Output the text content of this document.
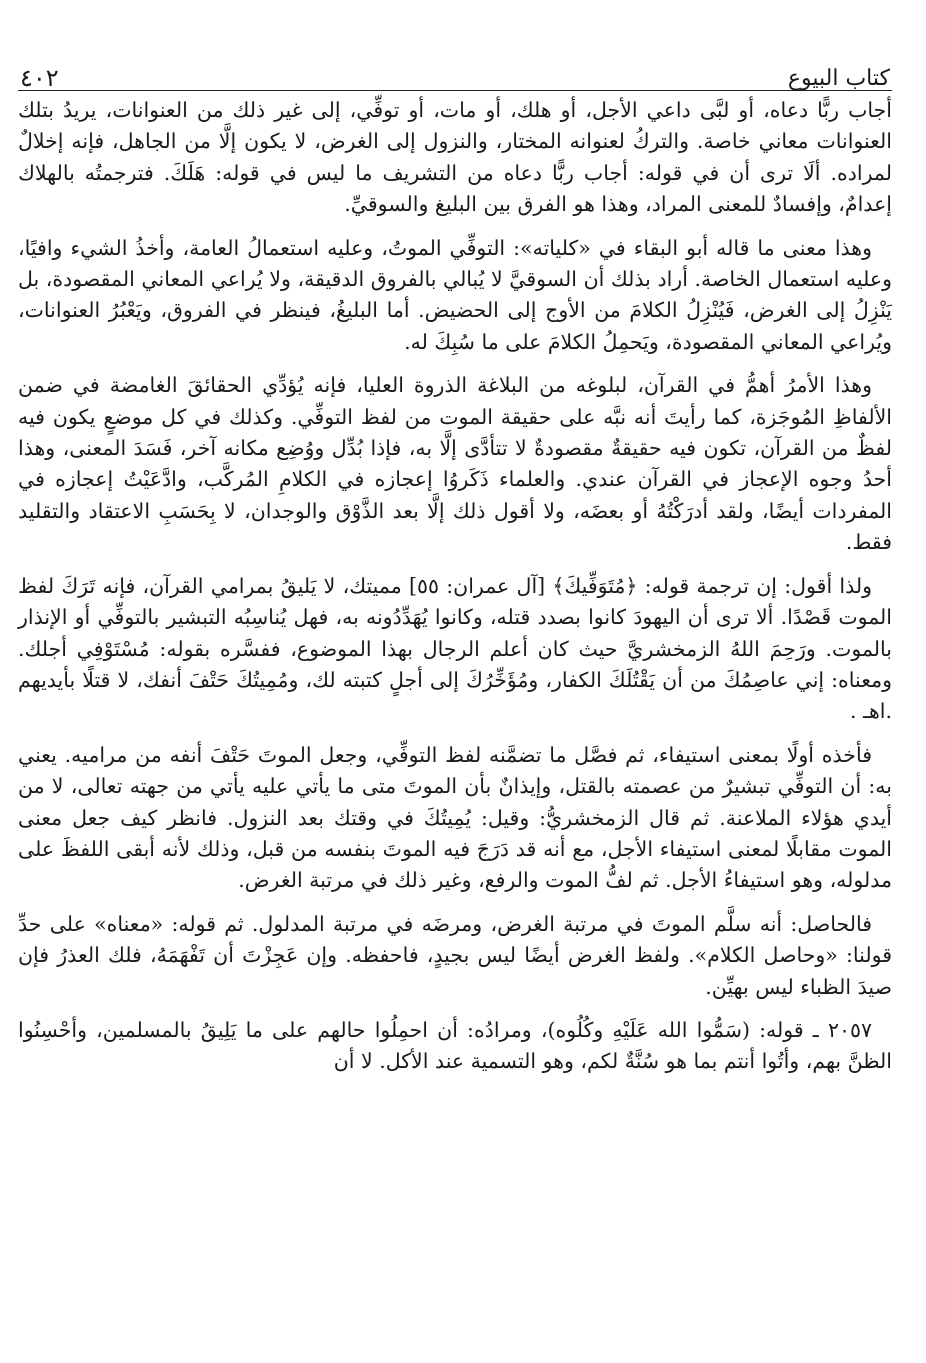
كتاب البيوع
٤٠٢

أجاب ربًّا دعاه، أو لبَّى داعي الأجل، أو هلك، أو مات، أو توفِّي، إلى غير ذلك من العنوانات، يريدُ بتلك العنوانات معاني خاصة. والتركُ لعنوانه المختار، والنزول إلى الغرض، لا يكون إلَّا من الجاهل، فإنه إخلالٌ لمراده. ألَا ترى أن في قوله: أجاب ربًّا دعاه من التشريف ما ليس في قوله: هَلَكَ. فترجمتُه بالهلاك إعدامٌ، وإفسادٌ للمعنى المراد، وهذا هو الفرق بين البليغ والسوقيِّ.

وهذا معنى ما قاله أبو البقاء في «كلياته»: التوفِّي الموتُ، وعليه استعمالُ العامة، وأخذُ الشيء وافيًا، وعليه استعمال الخاصة. أراد بذلك أن السوقيَّ لا يُبالي بالفروق الدقيقة، ولا يُراعي المعاني المقصودة، بل يَنْزِلُ إلى الغرض، فَيُنْزِلُ الكلامَ من الأوج إلى الحضيض. أما البليغُ، فينظر في الفروق، ويَعْبُرُ العنوانات، ويُراعي المعاني المقصودة، ويَحمِلُ الكلامَ على ما سُبِكَ له.

وهذا الأمرُ أهمُّ في القرآن، لبلوغه من البلاغة الذروة العليا، فإنه يُؤدِّي الحقائقَ الغامضة في ضمن الألفاظِ المُوجَزة، كما رأيتَ أنه نبَّه على حقيقة الموت من لفظ التوفِّي. وكذلك في كل موضعٍ يكون فيه لفظٌ من القرآن، تكون فيه حقيقةٌ مقصودةٌ لا تتأدَّى إلَّا به، فإذا بُدِّل ووُضِع مكانه آخر، فَسَدَ المعنى، وهذا أحدُ وجوه الإعجاز في القرآن عندي. والعلماء ذَكَروُا إعجازه في الكلامِ المُركَّب، وادَّعَيْتُ إعجازه في المفردات أيضًا، ولقد أدرَكْتُهُ أو بعضَه، ولا أقول ذلك إلَّا بعد الذَّوْق والوجدان، لا بِحَسَبِ الاعتقاد والتقليد فقط.

ولذا أقول: إن ترجمة قوله: ﴿مُتَوَفِّيكَ﴾ [آل عمران: ٥٥] مميتك، لا يَليقُ بمرامي القرآن، فإنه تَرَكَ لفظ الموت قَصْدًا. ألا ترى أن اليهودَ كانوا بصدد قتله، وكانوا يُهَدِّدُونه به، فهل يُناسِبُه التبشير بالتوفِّي أو الإنذار بالموت. ورَحِمَ اللهُ الزمخشريَّ حيث كان أعلم الرجال بهذا الموضوع، ففسَّره بقوله: مُسْتَوْفِي أجلك. ومعناه: إني عاصِمُكَ من أن يَقْتُلَكَ الكفار، ومُؤَخِّرُكَ إلى أجلٍ كتبته لك، ومُمِيتُكَ حَتْفَ أنفك، لا قتلًا بأيديهم .اهـ .

فأخذه أولًا بمعنى استيفاء، ثم فصَّل ما تضمَّنه لفظ التوفِّي، وجعل الموتَ حَتْفَ أنفه من مراميه. يعني به: أن التوفِّي تبشيرٌ من عصمته بالقتل، وإيذانٌ بأن الموتَ متى ما يأتي عليه يأتي من جهته تعالى، لا من أيدي هؤلاء الملاعنة. ثم قال الزمخشريُّ: وقيل: يُمِيتُكَ في وقتك بعد النزول. فانظر كيف جعل معنى الموت مقابلًا لمعنى استيفاء الأجل، مع أنه قد دَرَجَ فيه الموتَ بنفسه من قبل، وذلك لأنه أبقى اللفظَ على مدلوله، وهو استيفاءُ الأجل. ثم لفُّ الموت والرفع، وغير ذلك في مرتبة الغرض.

فالحاصل: أنه سلَّم الموتَ في مرتبة الغرض، ومرضَه في مرتبة المدلول. ثم قوله: «معناه» على حدِّ قولنا: «وحاصل الكلام». ولفظ الغرض أيضًا ليس بجيدٍ، فاحفظه. وإن عَجِزْتَ أن تَفْهَمَهُ، فلك العذرُ فإن صيدَ الظباء ليس بهيِّن.

٢٠٥٧ ـ قوله: (سَمُّوا الله عَلَيْهِ وكُلُوه)، ومرادُه: أن احمِلُوا حالهم على ما يَلِيقُ بالمسلمين، وأحْسِنُوا الظنَّ بهم، وأتُوا أنتم بما هو سُنَّةٌ لكم، وهو التسمية عند الأكل. لا أن
